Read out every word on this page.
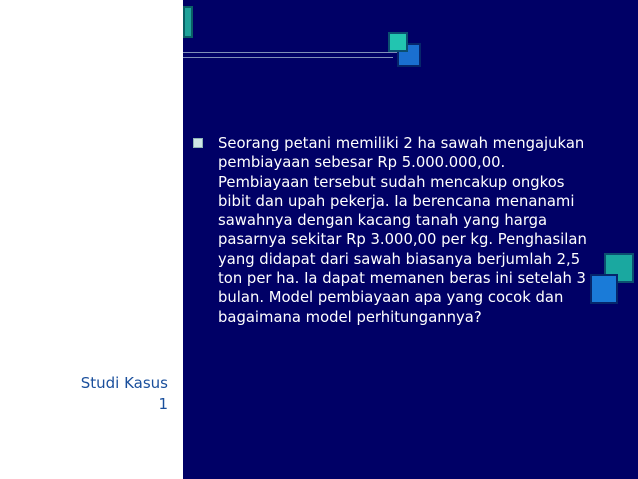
Seorang petani memiliki 2 ha sawah mengajukan pembiayaan sebesar Rp 5.000.000,00. Pembiayaan tersebut sudah mencakup ongkos bibit dan upah pekerja. Ia berencana menanami sawahnya dengan kacang tanah yang harga pasarnya sekitar Rp 3.000,00 per kg. Penghasilan yang didapat dari sawah biasanya berjumlah 2,5 ton per ha. Ia dapat memanen beras ini setelah 3 bulan. Model pembiayaan apa yang cocok dan bagaimana model perhitungannya?

Studi Kasus
1
